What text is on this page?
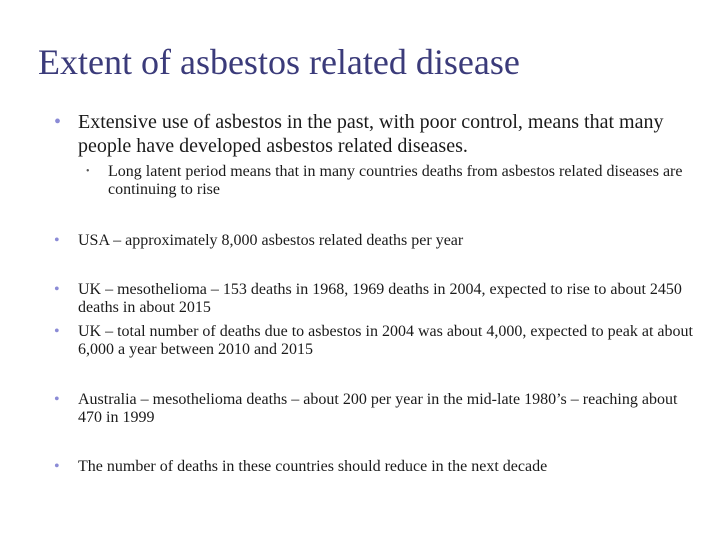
Extent of asbestos related disease
• Extensive use of asbestos in the past, with poor control, means that many people have developed asbestos related diseases.
• Long latent period means that in many countries deaths from asbestos related diseases are continuing to rise
• USA – approximately 8,000 asbestos related deaths per year
• UK – mesothelioma – 153 deaths in 1968, 1969 deaths in 2004, expected to rise to about 2450 deaths in about 2015
• UK – total number of deaths due to asbestos in 2004 was about 4,000, expected to peak at about 6,000 a year between 2010 and 2015
• Australia – mesothelioma deaths – about 200 per year in the mid-late 1980’s – reaching about 470 in 1999
• The number of deaths in these countries should reduce in the next decade
